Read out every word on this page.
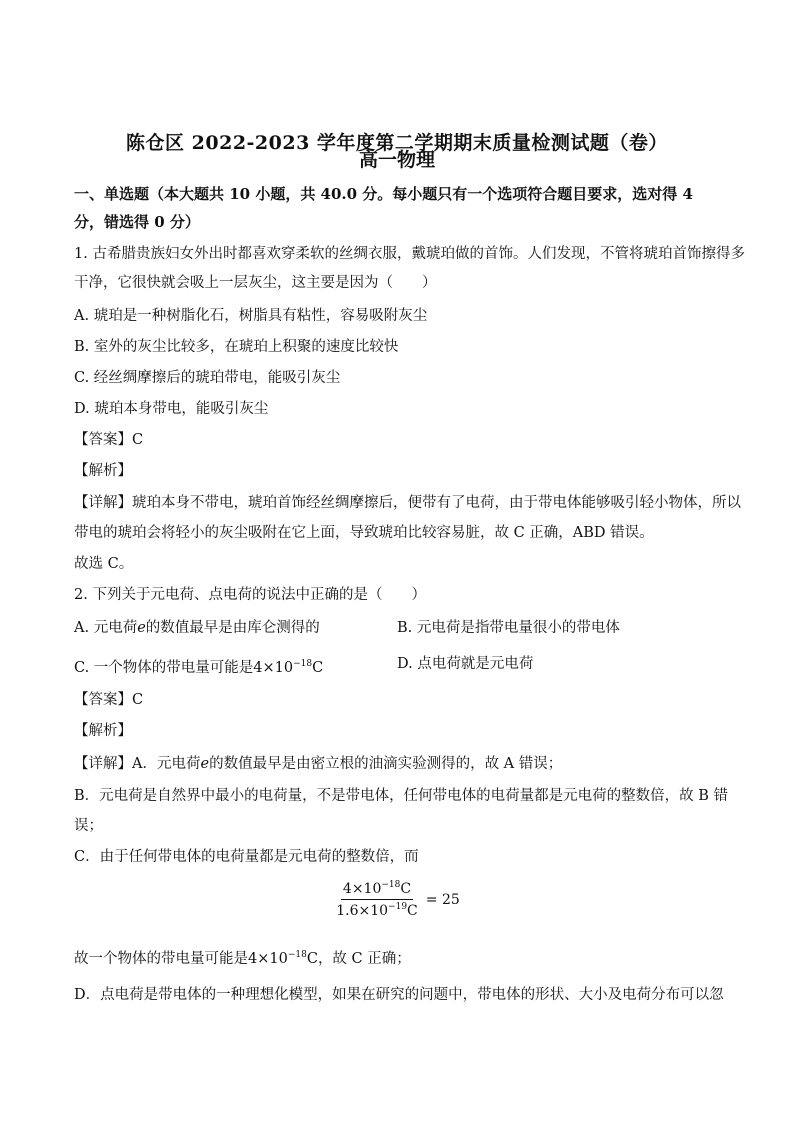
陈仓区 2022-2023 学年度第二学期期末质量检测试题（卷）
高一物理
一、单选题（本大题共 10 小题，共 40.0 分。每小题只有一个选项符合题目要求，选对得 4
分，错选得 0 分）
1. 古希腊贵族妇女外出时都喜欢穿柔软的丝绸衣服，戴琥珀做的首饰。人们发现，不管将琥珀首饰擦得多
干净，它很快就会吸上一层灰尘，这主要是因为（　　）
A. 琥珀是一种树脂化石，树脂具有粘性，容易吸附灰尘
B. 室外的灰尘比较多，在琥珀上积聚的速度比较快
C. 经丝绸摩擦后的琥珀带电，能吸引灰尘
D. 琥珀本身带电，能吸引灰尘
【答案】C
【解析】
【详解】琥珀本身不带电，琥珀首饰经丝绸摩擦后，便带有了电荷，由于带电体能够吸引轻小物体，所以
带电的琥珀会将轻小的灰尘吸附在它上面，导致琥珀比较容易脏，故 C 正确，ABD 错误。
故选 C。
2. 下列关于元电荷、点电荷的说法中正确的是（　　）
A. 元电荷e的数值最早是由库仑测得的	B. 元电荷是指带电量很小的带电体
C. 一个物体的带电量可能是$4\times 10^{-18}C$	D. 点电荷就是元电荷
【答案】C
【解析】
【详解】A．元电荷e的数值最早是由密立根的油滴实验测得的，故 A 错误；
B．元电荷是自然界中最小的电荷量，不是带电体，任何带电体的电荷量都是元电荷的整数倍，故 B 错
误；
C．由于任何带电体的电荷量都是元电荷的整数倍，而
$\frac{4\times 10^{-18}C}{1.6\times 10^{-19}C} = 25$
故一个物体的带电量可能是$4\times 10^{-18}C$，故 C 正确；
D．点电荷是带电体的一种理想化模型，如果在研究的问题中，带电体的形状、大小及电荷分布可以忽
